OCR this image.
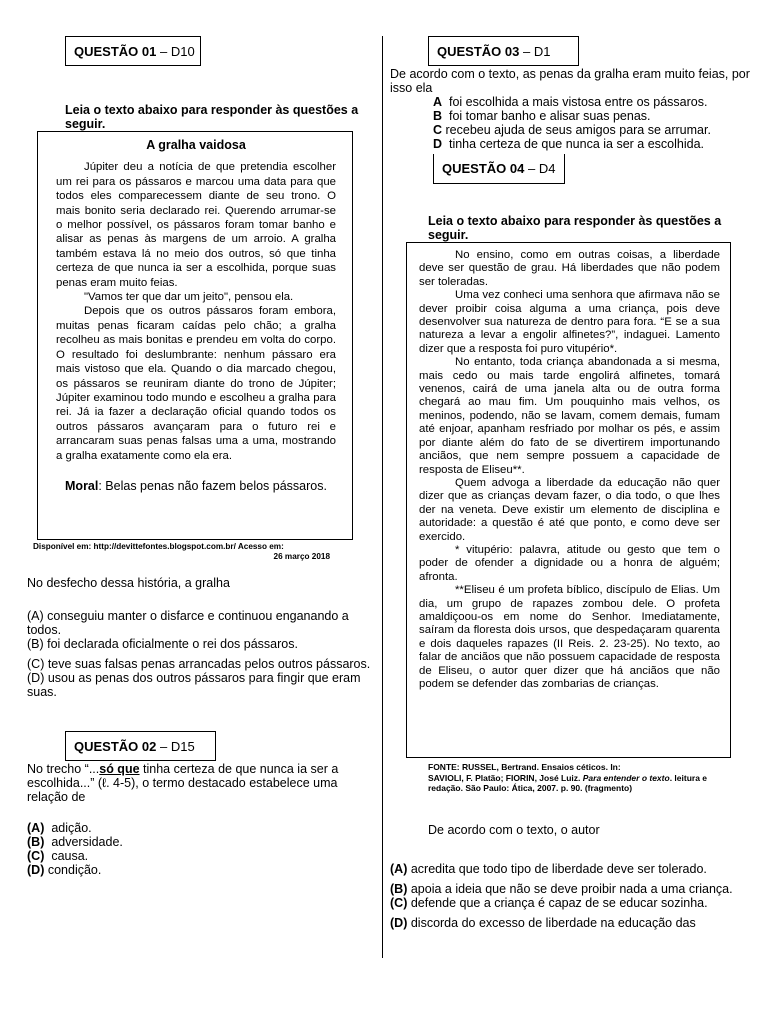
QUESTÃO 01 – D10
Leia o texto abaixo para responder às questões a seguir.
A gralha vaidosa

Júpiter deu a notícia de que pretendia escolher um rei para os pássaros e marcou uma data para que todos eles comparecessem diante de seu trono. O mais bonito seria declarado rei. Querendo arrumar-se o melhor possível, os pássaros foram tomar banho e alisar as penas às margens de um arroio. A gralha também estava lá no meio dos outros, só que tinha certeza de que nunca ia ser a escolhida, porque suas penas eram muito feias.

"Vamos ter que dar um jeito", pensou ela.

Depois que os outros pássaros foram embora, muitas penas ficaram caídas pelo chão; a gralha recolheu as mais bonitas e prendeu em volta do corpo. O resultado foi deslumbrante: nenhum pássaro era mais vistoso que ela. Quando o dia marcado chegou, os pássaros se reuniram diante do trono de Júpiter; Júpiter examinou todo mundo e escolheu a gralha para rei. Já ia fazer a declaração oficial quando todos os outros pássaros avançaram para o futuro rei e arrancaram suas penas falsas uma a uma, mostrando a gralha exatamente como ela era.

Moral: Belas penas não fazem belos pássaros.
Disponível em: http://devittefontes.blogspot.com.br/ Acesso em:
26 março 2018
No desfecho dessa história, a gralha
(A) conseguiu manter o disfarce e continuou enganando a todos.
(B) foi declarada oficialmente o rei dos pássaros.
(C) teve suas falsas penas arrancadas pelos outros pássaros.
(D) usou as penas dos outros pássaros para fingir que eram suas.
QUESTÃO 02 – D15
No trecho “...só que tinha certeza de que nunca ia ser a escolhida...” (ℓ. 4-5), o termo destacado estabelece uma relação de
(A) adição.
(B) adversidade.
(C) causa.
(D) condição.
QUESTÃO 03 – D1
De acordo com o texto, as penas da gralha eram muito feias, por isso ela
A foi escolhida a mais vistosa entre os pássaros.
B foi tomar banho e alisar suas penas.
C recebeu ajuda de seus amigos para se arrumar.
D tinha certeza de que nunca ia ser a escolhida.
QUESTÃO 04 – D4
Leia o texto abaixo para responder às questões a seguir.

No ensino, como em outras coisas, a liberdade deve ser questão de grau. Há liberdades que não podem ser toleradas.

Uma vez conheci uma senhora que afirmava não se dever proibir coisa alguma a uma criança, pois deve desenvolver sua natureza de dentro para fora. “E se a sua natureza a levar a engolir alfinetes?”, indaguei. Lamento dizer que a resposta foi puro vitupério*.

No entanto, toda criança abandonada a si mesma, mais cedo ou mais tarde engolirá alfinetes, tomará venenos, cairá de uma janela alta ou de outra forma chegará ao mau fim. Um pouquinho mais velhos, os meninos, podendo, não se lavam, comem demais, fumam até enjoar, apanham resfriado por molhar os pés, e assim por diante além do fato de se divertirem importunando anciãos, que nem sempre possuem a capacidade de resposta de Eliseu**.

Quem advoga a liberdade da educação não quer dizer que as crianças devam fazer, o dia todo, o que lhes der na veneta. Deve existir um elemento de disciplina e autoridade: a questão é até que ponto, e como deve ser exercido.

* vitupério: palavra, atitude ou gesto que tem o poder de ofender a dignidade ou a honra de alguém; afronta.

**Eliseu é um profeta bíblico, discípulo de Elias. Um dia, um grupo de rapazes zombou dele. O profeta amaldiçoou-os em nome do Senhor. Imediatamente, saíram da floresta dois ursos, que despedaçaram quarenta e dois daqueles rapazes (II Reis. 2. 23-25). No texto, ao falar de anciãos que não possuem capacidade de resposta de Eliseu, o autor quer dizer que há anciãos que não podem se defender das zombarias de crianças.

FONTE: RUSSEL, Bertrand. Ensaios céticos. In:
SAVIOLI, F. Platão; FIORIN, José Luiz. Para entender o texto. leitura e redação. São Paulo: Ática, 2007. p. 90. (fragmento)
De acordo com o texto, o autor
(A) acredita que todo tipo de liberdade deve ser tolerado.
(B) apoia a ideia que não se deve proibir nada a uma criança.
(C) defende que a criança é capaz de se educar sozinha.
(D) discorda do excesso de liberdade na educação das
